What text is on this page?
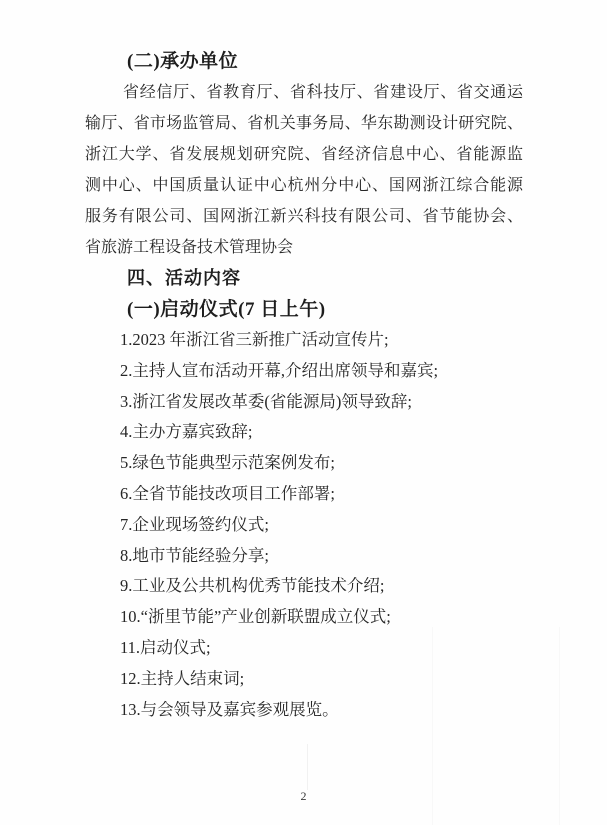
(二)承办单位
省经信厅、省教育厅、省科技厅、省建设厅、省交通运
输厅、省市场监管局、省机关事务局、华东勘测设计研究院、
浙江大学、省发展规划研究院、省经济信息中心、省能源监
测中心、中国质量认证中心杭州分中心、国网浙江综合能源
服务有限公司、国网浙江新兴科技有限公司、省节能协会、
省旅游工程设备技术管理协会
四、活动内容
(一)启动仪式(7 日上午)
1.2023 年浙江省三新推广活动宣传片;
2.主持人宣布活动开幕,介绍出席领导和嘉宾;
3.浙江省发展改革委(省能源局)领导致辞;
4.主办方嘉宾致辞;
5.绿色节能典型示范案例发布;
6.全省节能技改项目工作部署;
7.企业现场签约仪式;
8.地市节能经验分享;
9.工业及公共机构优秀节能技术介绍;
10.“浙里节能”产业创新联盟成立仪式;
11.启动仪式;
12.主持人结束词;
13.与会领导及嘉宾参观展览。
2
